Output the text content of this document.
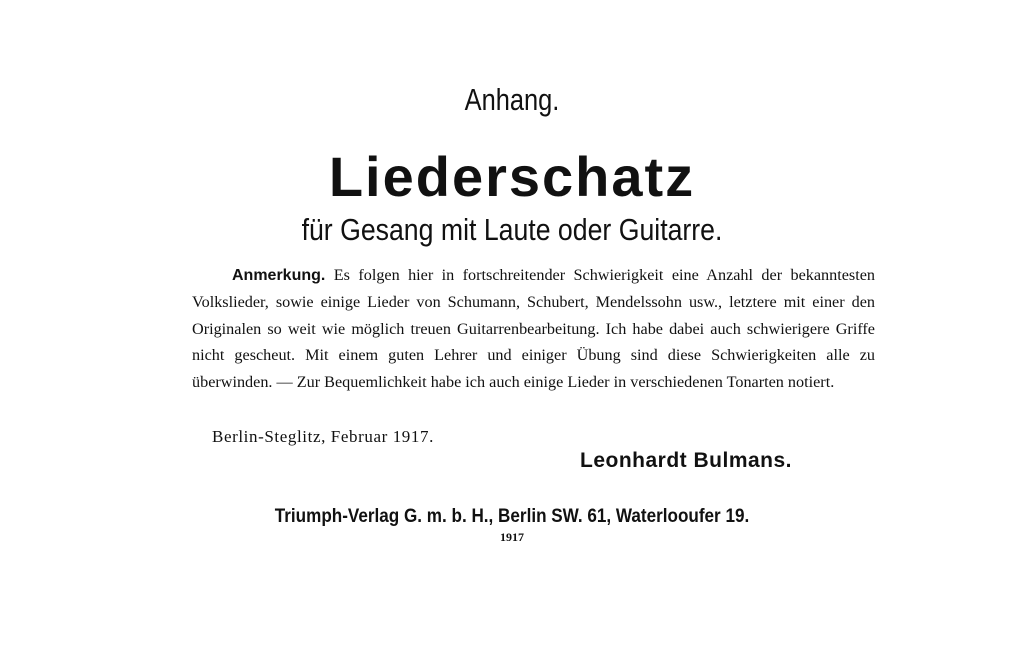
Anhang.
Liederschatz
für Gesang mit Laute oder Guitarre.
Anmerkung. Es folgen hier in fortschreitender Schwierigkeit eine Anzahl der bekanntesten Volkslieder, sowie einige Lieder von Schumann, Schubert, Mendelssohn usw., letztere mit einer den Originalen so weit wie möglich treuen Guitarrenbearbeitung. Ich habe dabei auch schwierigere Griffe nicht gescheut. Mit einem guten Lehrer und einiger Übung sind diese Schwierigkeiten alle zu überwinden. — Zur Bequemlichkeit habe ich auch einige Lieder in verschiedenen Tonarten notiert.
Berlin-Steglitz, Februar 1917.
Leonhardt Bulmans.
Triumph-Verlag G. m. b. H., Berlin SW. 61, Waterlooufer 19.
1917
